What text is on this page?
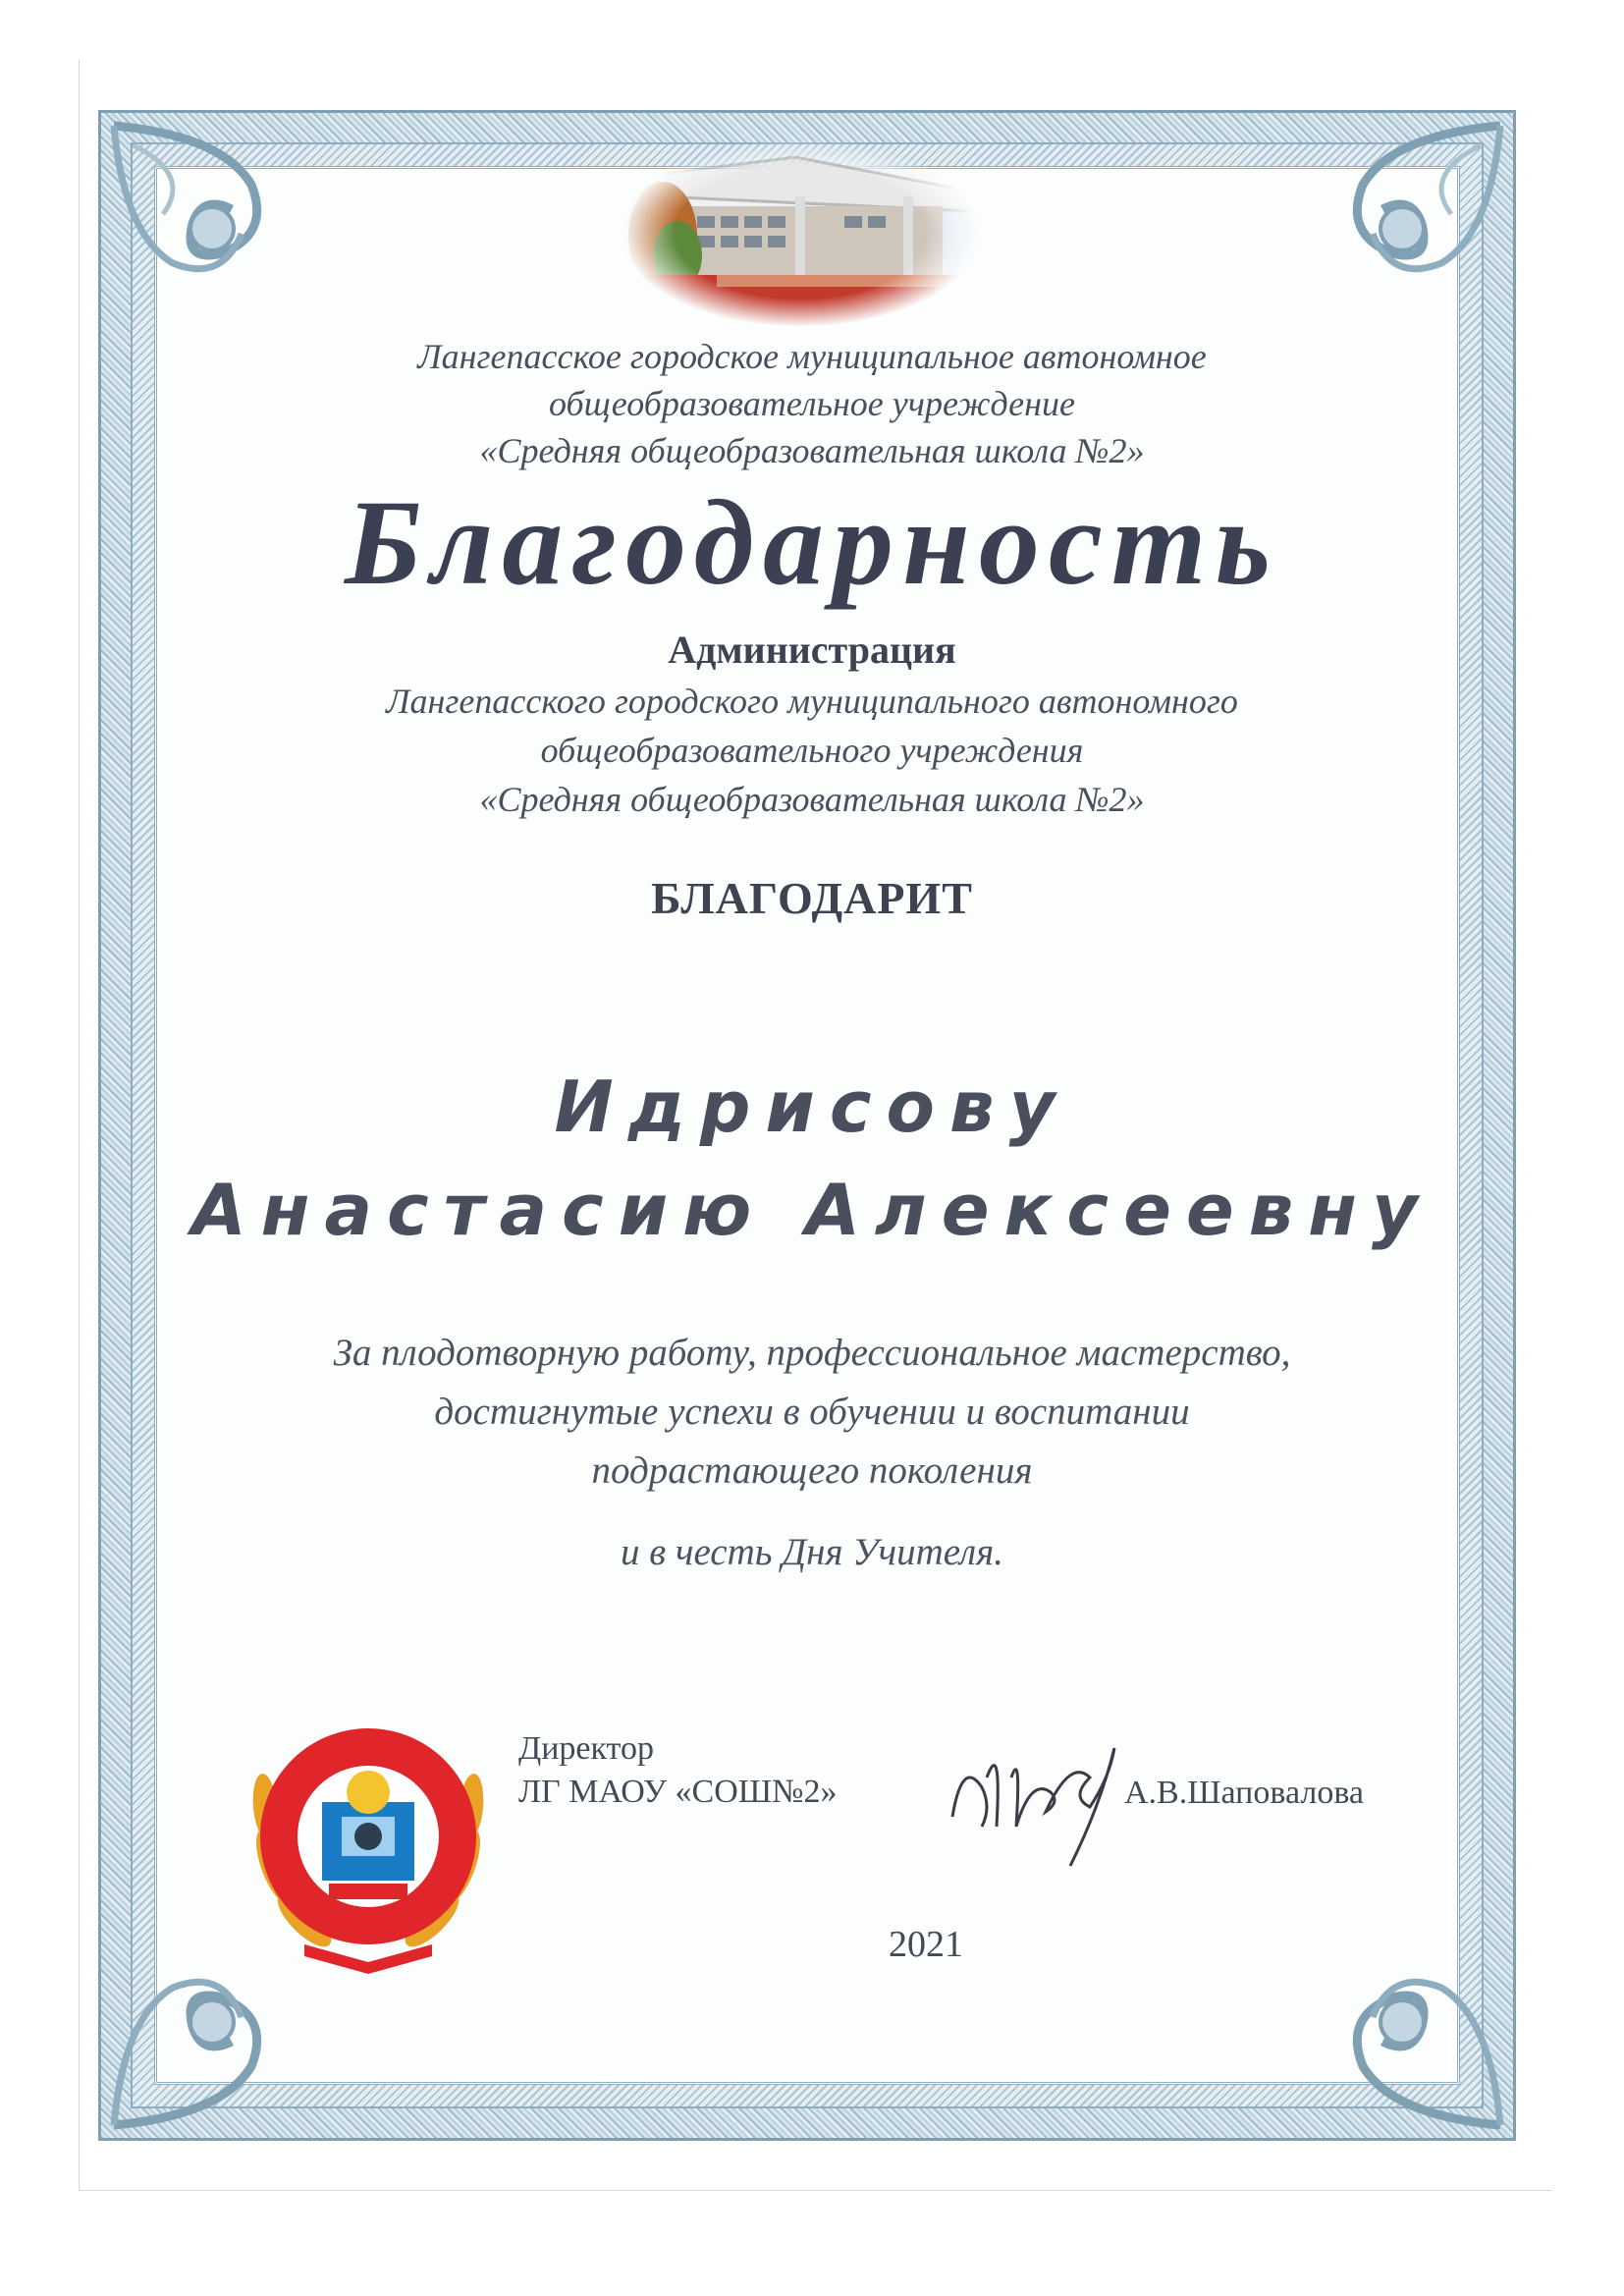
Лангепасское городское муниципальное автономное
общеобразовательное учреждение
«Средняя общеобразовательная школа №2»
Благодарность
Администрация
Лангепасского городского муниципального автономного
общеобразовательного учреждения
«Средняя общеобразовательная школа №2»
БЛАГОДАРИТ
Идрисову
Анастасию Алексеевну
За плодотворную работу, профессиональное мастерство,
достигнутые успехи в обучении и воспитании
подрастающего поколения
и в честь Дня Учителя.
Директор
ЛГ МАОУ «СОШ№2»	А.В.Шаповалова
2021
